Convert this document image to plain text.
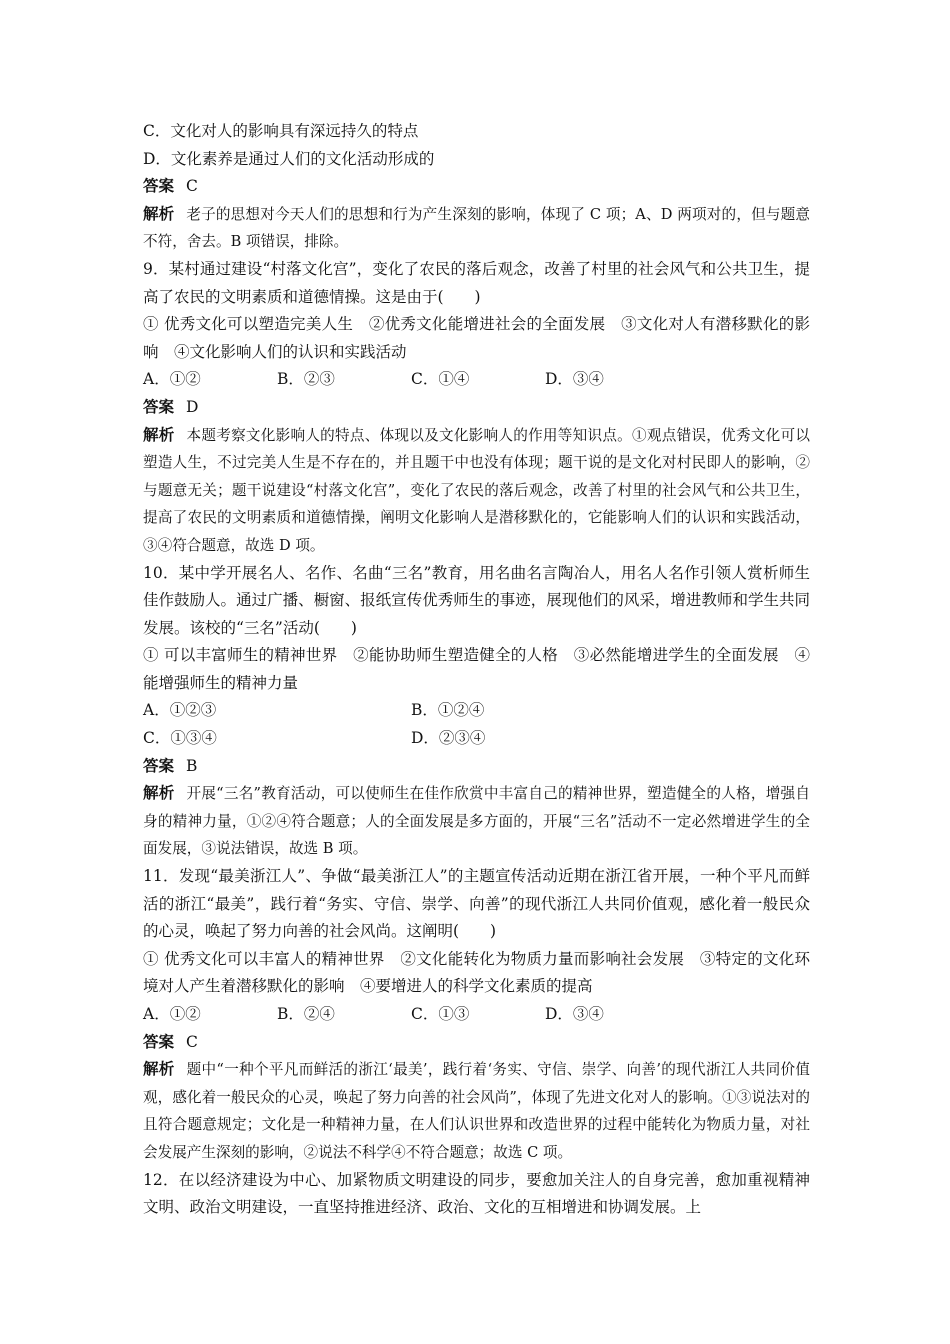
C．文化对人的影响具有深远持久的特点
D．文化素养是通过人们的文化活动形成的
答案 C

解析 老子的思想对今天人们的思想和行为产生深刻的影响，体现了 C 项；A、D 两项对的，但与题意不符，舍去。B 项错误，排除。

9．某村通过建设“村落文化宫”，变化了农民的落后观念，改善了村里的社会风气和公共卫生，提高了农民的文明素质和道德情操。这是由于(　　)

① 优秀文化可以塑造完美人生　②优秀文化能增进社会的全面发展　③文化对人有潜移默化的影响　④文化影响人们的认识和实践活动

A．①②	B．②③	C．①④	D．③④
答案 D

解析 本题考察文化影响人的特点、体现以及文化影响人的作用等知识点。①观点错误，优秀文化可以塑造人生，不过完美人生是不存在的，并且题干中也没有体现；题干说的是文化对村民即人的影响，②与题意无关；题干说建设“村落文化宫”，变化了农民的落后观念，改善了村里的社会风气和公共卫生，提高了农民的文明素质和道德情操，阐明文化影响人是潜移默化的，它能影响人们的认识和实践活动，③④符合题意，故选 D 项。

10．某中学开展名人、名作、名曲“三名”教育，用名曲名言陶冶人，用名人名作引领人赏析师生佳作鼓励人。通过广播、橱窗、报纸宣传优秀师生的事迹，展现他们的风采，增进教师和学生共同发展。该校的“三名”活动(　　)

① 可以丰富师生的精神世界　②能协助师生塑造健全的人格　③必然能增进学生的全面发展　④能增强师生的精神力量

A．①②③	B．①②④
C．①③④	D．②③④
答案 B

解析 开展“三名”教育活动，可以使师生在佳作欣赏中丰富自己的精神世界，塑造健全的人格，增强自身的精神力量，①②④符合题意；人的全面发展是多方面的，开展“三名”活动不一定必然增进学生的全面发展，③说法错误，故选 B 项。

11．发现“最美浙江人”、争做“最美浙江人”的主题宣传活动近期在浙江省开展，一种个平凡而鲜活的浙江“最美”，践行着“务实、守信、崇学、向善”的现代浙江人共同价值观，感化着一般民众的心灵，唤起了努力向善的社会风尚。这阐明(　　)

① 优秀文化可以丰富人的精神世界　②文化能转化为物质力量而影响社会发展　③特定的文化环境对人产生着潜移默化的影响　④要增进人的科学文化素质的提高

A．①②	B．②④	C．①③	D．③④
答案 C

解析 题中“一种个平凡而鲜活的浙江‘最美’，践行着‘务实、守信、崇学、向善’的现代浙江人共同价值观，感化着一般民众的心灵，唤起了努力向善的社会风尚”，体现了先进文化对人的影响。①③说法对的且符合题意规定；文化是一种精神力量，在人们认识世界和改造世界的过程中能转化为物质力量，对社会发展产生深刻的影响，②说法不科学④不符合题意；故选 C 项。

12．在以经济建设为中心、加紧物质文明建设的同步，要愈加关注人的自身完善，愈加重视精神文明、政治文明建设，一直坚持推进经济、政治、文化的互相增进和协调发展。上
